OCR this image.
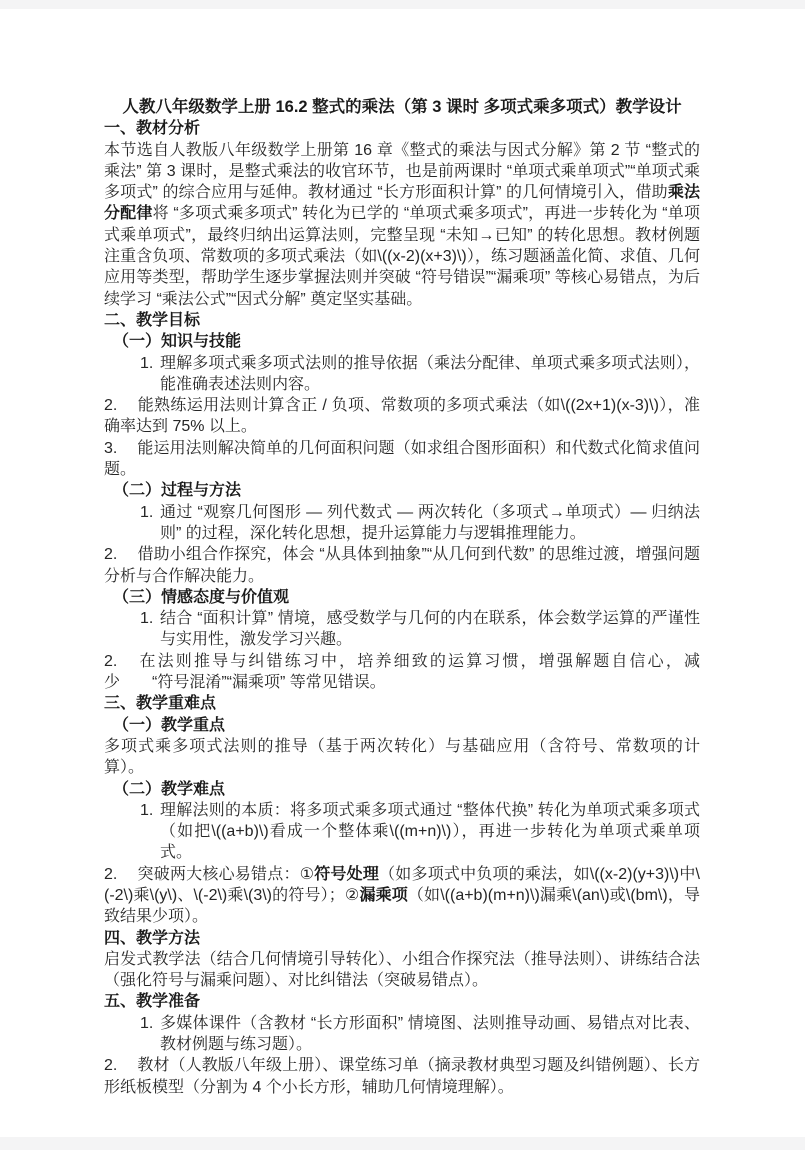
人教八年级数学上册 16.2 整式的乘法（第 3 课时 多项式乘多项式）教学设计
一、教材分析
本节选自人教版八年级数学上册第 16 章《整式的乘法与因式分解》第 2 节 “整式的乘法” 第 3 课时，是整式乘法的收官环节，也是前两课时 “单项式乘单项式”“单项式乘多项式” 的综合应用与延伸。教材通过 “长方形面积计算” 的几何情境引入，借助乘法分配律将 “多项式乘多项式” 转化为已学的 “单项式乘多项式”，再进一步转化为 “单项式乘单项式”，最终归纳出运算法则，完整呈现 “未知→已知” 的转化思想。教材例题注重含负项、常数项的多项式乘法（如\((x-2)(x+3)\)），练习题涵盖化简、求值、几何应用等类型，帮助学生逐步掌握法则并突破 “符号错误”“漏乘项” 等核心易错点，为后续学习 “乘法公式”“因式分解” 奠定坚实基础。
二、教学目标
（一）知识与技能
1. 理解多项式乘多项式法则的推导依据（乘法分配律、单项式乘多项式法则），能准确表述法则内容。
2. 能熟练运用法则计算含正 / 负项、常数项的多项式乘法（如\((2x+1)(x-3)\)），准确率达到 75% 以上。
3. 能运用法则解决简单的几何面积问题（如求组合图形面积）和代数式化简求值问题。
（二）过程与方法
1. 通过 “观察几何图形 — 列代数式 — 两次转化（多项式→单项式）— 归纳法则” 的过程，深化转化思想，提升运算能力与逻辑推理能力。
2. 借助小组合作探究，体会 “从具体到抽象”“从几何到代数” 的思维过渡，增强问题分析与合作解决能力。
（三）情感态度与价值观
1. 结合 “面积计算” 情境，感受数学与几何的内在联系，体会数学运算的严谨性与实用性，激发学习兴趣。
2. 在法则推导与纠错练习中，培养细致的运算习惯，增强解题自信心，减少　　“符号混淆”“漏乘项” 等常见错误。
三、教学重难点
（一）教学重点
多项式乘多项式法则的推导（基于两次转化）与基础应用（含符号、常数项的计算）。
（二）教学难点
1. 理解法则的本质：将多项式乘多项式通过 “整体代换” 转化为单项式乘多项式（如把\((a+b)\)看成一个整体乘\((m+n)\)），再进一步转化为单项式乘单项式。
2. 突破两大核心易错点：①符号处理（如多项式中负项的乘法，如\((x-2)(y+3)\)中\(-2\)乘\(y\)、\(-2\)乘\(3\)的符号）；②漏乘项（如\((a+b)(m+n)\)漏乘\(an\)或\(bm\)，导致结果少项）。
四、教学方法
启发式教学法（结合几何情境引导转化）、小组合作探究法（推导法则）、讲练结合法（强化符号与漏乘问题）、对比纠错法（突破易错点）。
五、教学准备
1. 多媒体课件（含教材 “长方形面积” 情境图、法则推导动画、易错点对比表、教材例题与练习题）。
2. 教材（人教版八年级上册）、课堂练习单（摘录教材典型习题及纠错例题）、长方形纸板模型（分割为 4 个小长方形，辅助几何情境理解）。
